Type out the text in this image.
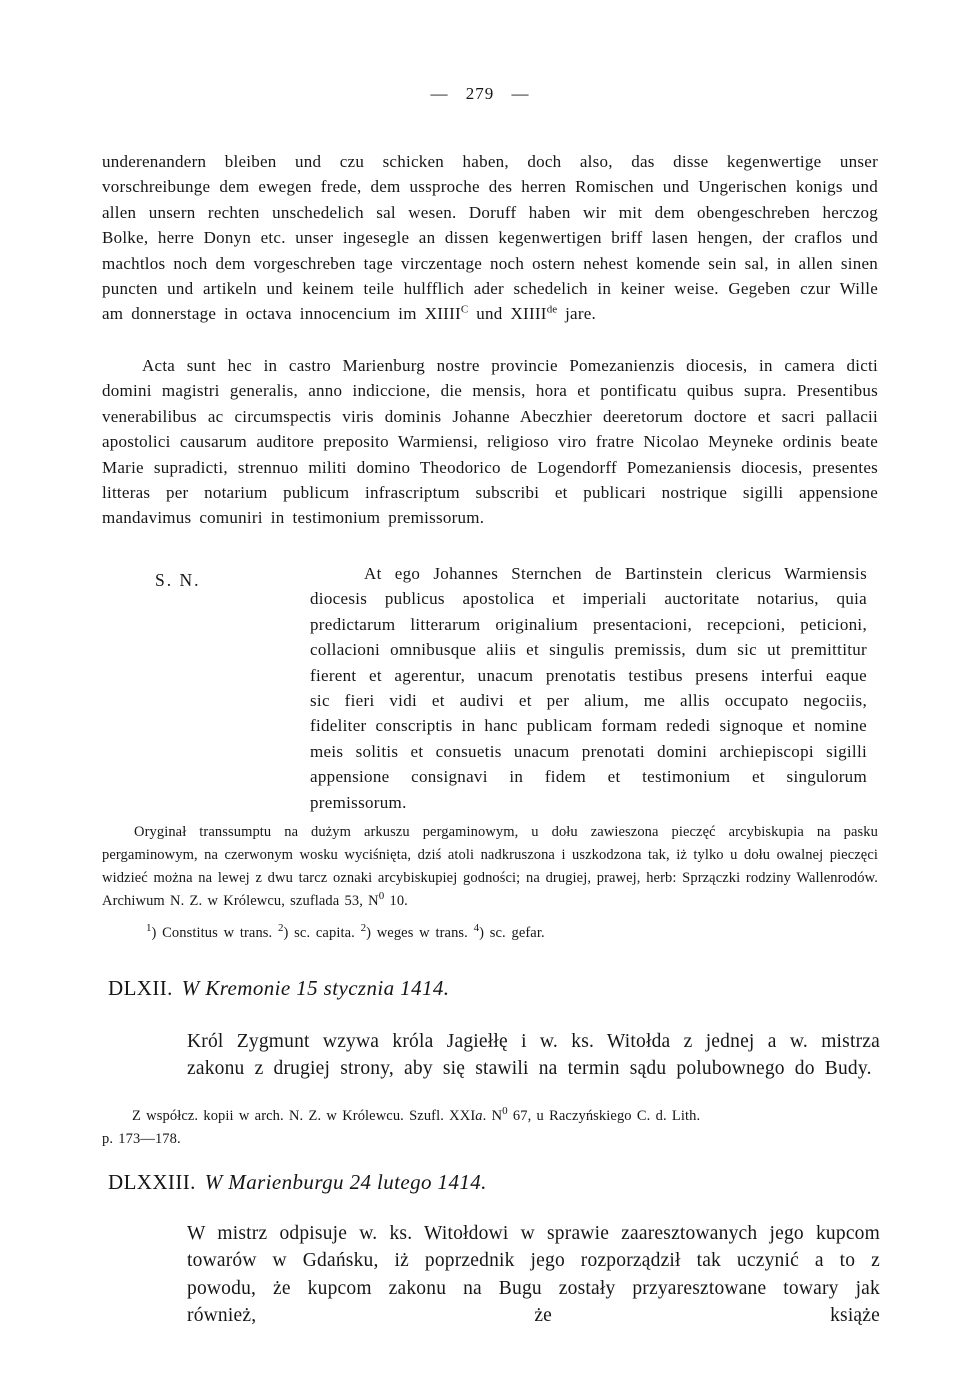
— 279 —

underenandern bleiben und czu schicken haben, doch also, das disse kegenwertige unser vorschreibunge dem ewegen frede, dem ussproche des herren Romischen und Ungerischen konigs und allen unsern rechten unschedelich sal wesen. Doruff haben wir mit dem obengeschreben herczog Bolke, herre Donyn etc. unser ingesegle an dissen kegenwertigen briff lasen hengen, der craflos und machtlos noch dem vorgeschreben tage virczentage noch ostern nehest komende sein sal, in allen sinen puncten und artikeln und keinem teile hulfflich ader schedelich in keiner weise. Gegeben czur Wille am donnerstage in octava innocencium im $XIIII^C$ und XIIIIde jare.

Acta sunt hec in castro Marienburg nostre provincie Pomezanienzis diocesis, in camera dicti domini magistri generalis, anno indiccione, die mensis, hora et pontificatu quibus supra. Presentibus venerabilibus ac circumspectis viris dominis Johanne Abeczhier deeretorum doctore et sacri pallacii apostolici causarum auditore preposito Warmiensi, religioso viro fratre Nicolao Meyneke ordinis beate Marie supradicti, strennuo militi domino Theodorico de Logendorff Pomezaniensis diocesis, presentes litteras per notarium publicum infrascriptum subscribi et publicari nostrique sigilli appensione mandavimus comuniri in testimonium premissorum.

S. N.	At ego Johannes Sternchen de Bartinstein clericus Warmiensis diocesis publicus apostolica et imperiali auctoritate notarius, quia predictarum litterarum originalium presentacioni, recepcioni, peticioni, collacioni omnibusque aliis et singulis premissis, dum sic ut premittitur fierent et agerentur, unacum prenotatis testibus presens interfui eaque sic fieri vidi et audivi et per alium, me allis occupato negociis, fideliter conscriptis in hanc publicam formam rededi signoque et nomine meis solitis et consuetis unacum prenotati domini archiepiscopi sigilli appensione consignavi in fidem et testimonium et singulorum premissorum.

Oryginał transsumptu na dużym arkuszu pergaminowym, u dołu zawieszona pieczęć arcybiskupia na pasku pergaminowym, na czerwonym wosku wyciśnięta, dziś atoli nadkruszona i uszkodzona tak, iż tylko u dołu owalnej pieczęci widzieć można na lewej z dwu tarcz oznaki arcybiskupiej godności; na drugiej, prawej, herb: Sprzączki rodziny Wallenrodów. Archiwum N. Z. w Królewcu, szuflada 53, $N^0$ 10.

$^1$) Constitus w trans. $^2$) sc. capita. $^2$) weges w trans. $^4$) sc. gefar.
DLXII. W Kremonie 15 stycznia 1414.

Król Zygmunt wzywa króla Jagiełłę i w. ks. Witołda z jednej a w. mistrza zakonu z drugiej strony, aby się stawili na termin sądu polubownego do Budy.

Z współcz. kopii w arch. N. Z. w Królewcu. Szufl. XXIa. $N^0$ 67, u Raczyńskiego C. d. Lith.

p. 173—178.

DLXXIII. W Marienburgu 24 lutego 1414.

W mistrz odpisuje w. ks. Witołdowi w sprawie zaaresztowanych jego kupcom towarów w Gdańsku, iż poprzednik jego rozporządził tak uczynić a to z powodu, że kupcom zakonu na Bugu zostały przyaresztowane towary jak również, że książe
